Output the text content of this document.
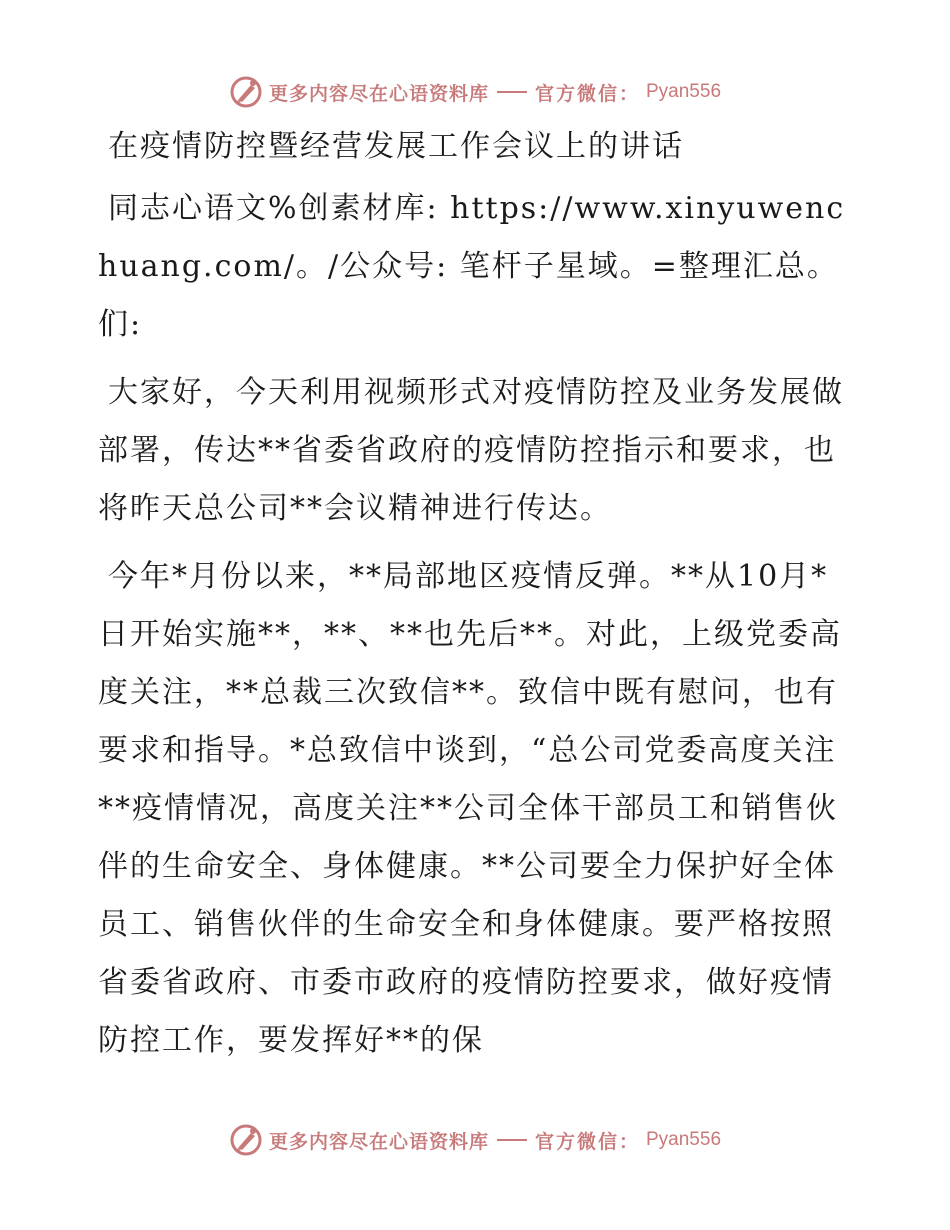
更多内容尽在心语资料库 官方微信： Pyan556

在疫情防控暨经营发展工作会议上的讲话

同志心语文%创素材库: https://www.xinyuwenchuang.com/。/公众号: 笔杆子星域。=整理汇总。们:

大家好，今天利用视频形式对疫情防控及业务发展做部署，传达**省委省政府的疫情防控指示和要求，也将昨天总公司**会议精神进行传达。

今年*月份以来，**局部地区疫情反弹。**从10月*日开始实施**，**、**也先后**。对此，上级党委高度关注，**总裁三次致信**。致信中既有慰问，也有要求和指导。*总致信中谈到，“总公司党委高度关注**疫情情况，高度关注**公司全体干部员工和销售伙伴的生命安全、身体健康。**公司要全力保护好全体员工、销售伙伴的生命安全和身体健康。要严格按照省委省政府、市委市政府的疫情防控要求，做好疫情防控工作，要发挥好**的保

更多内容尽在心语资料库 官方微信： Pyan556
